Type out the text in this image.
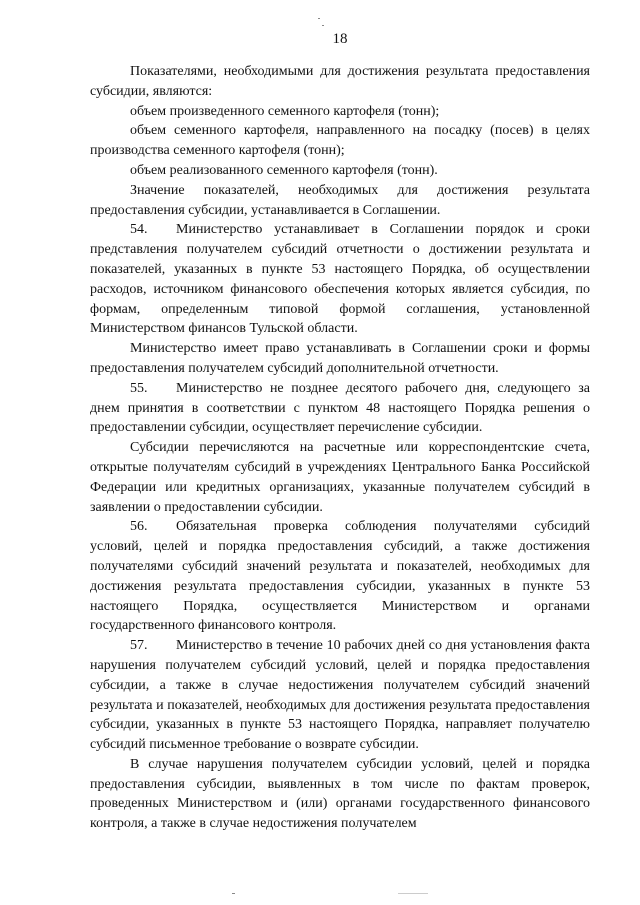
18

Показателями, необходимыми для достижения результата предоставления субсидии, являются:

объем произведенного семенного картофеля (тонн);

объем семенного картофеля, направленного на посадку (посев) в целях производства семенного картофеля (тонн);

объем реализованного семенного картофеля (тонн).

Значение показателей, необходимых для достижения результата предоставления субсидии, устанавливается в Соглашении.

54. Министерство устанавливает в Соглашении порядок и сроки представления получателем субсидий отчетности о достижении результата и показателей, указанных в пункте 53 настоящего Порядка, об осуществлении расходов, источником финансового обеспечения которых является субсидия, по формам, определенным типовой формой соглашения, установленной Министерством финансов Тульской области.

Министерство имеет право устанавливать в Соглашении сроки и формы предоставления получателем субсидий дополнительной отчетности.

55. Министерство не позднее десятого рабочего дня, следующего за днем принятия в соответствии с пунктом 48 настоящего Порядка решения о предоставлении субсидии, осуществляет перечисление субсидии.

Субсидии перечисляются на расчетные или корреспондентские счета, открытые получателям субсидий в учреждениях Центрального Банка Российской Федерации или кредитных организациях, указанные получателем субсидий в заявлении о предоставлении субсидии.

56. Обязательная проверка соблюдения получателями субсидий условий, целей и порядка предоставления субсидий, а также достижения получателями субсидий значений результата и показателей, необходимых для достижения результата предоставления субсидии, указанных в пункте 53 настоящего Порядка, осуществляется Министерством и органами государственного финансового контроля.

57. Министерство в течение 10 рабочих дней со дня установления факта нарушения получателем субсидий условий, целей и порядка предоставления субсидии, а также в случае недостижения получателем субсидий значений результата и показателей, необходимых для достижения результата предоставления субсидии, указанных в пункте 53 настоящего Порядка, направляет получателю субсидий письменное требование о возврате субсидии.

В случае нарушения получателем субсидии условий, целей и порядка предоставления субсидии, выявленных в том числе по фактам проверок, проведенных Министерством и (или) органами государственного финансового контроля, а также в случае недостижения получателем
